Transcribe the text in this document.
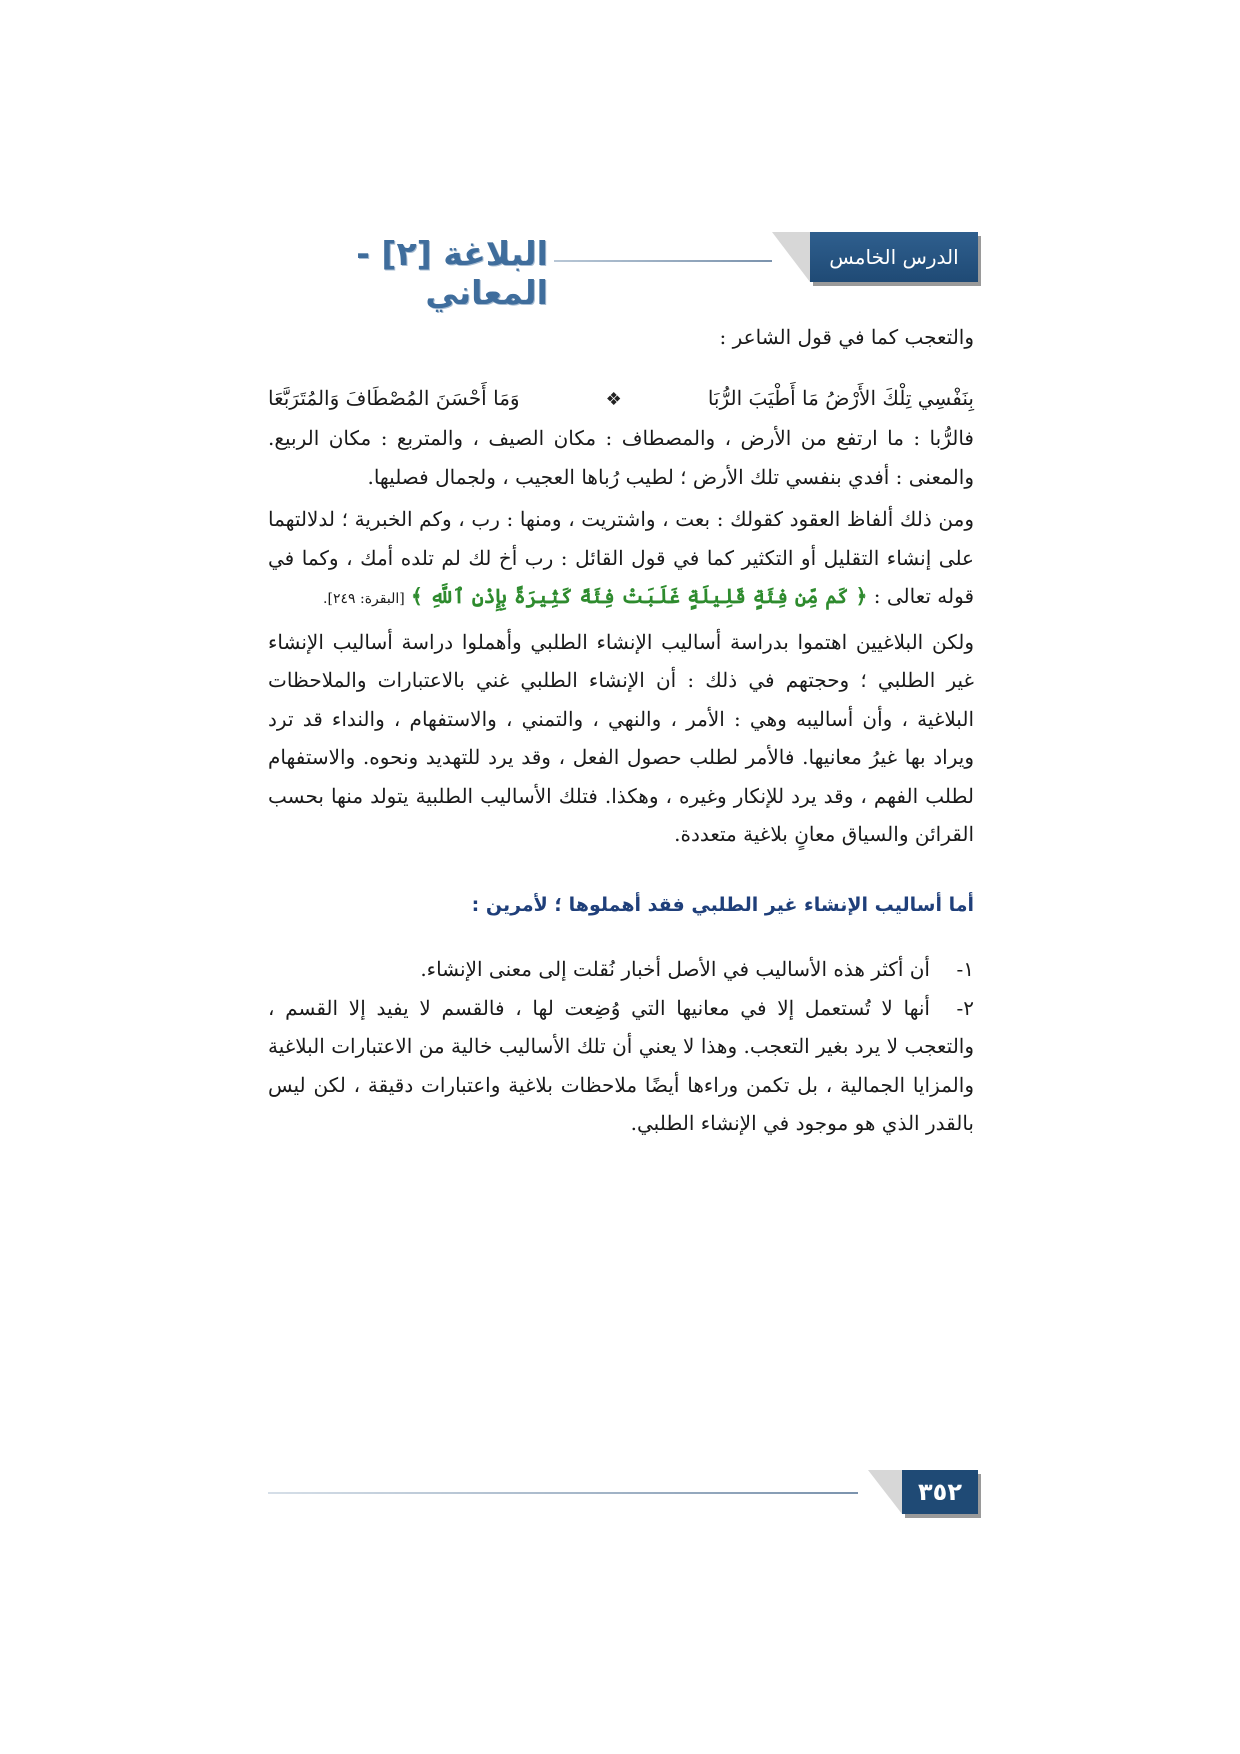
البلاغة [٢] - المعاني
الدرس الخامس عشر

والتعجب كما في قول الشاعر :

بِنَفْسِي تِلْكَ الأَرْضُ مَا أَطْيَبَ الرُّبَا
❖
وَمَا أَحْسَنَ المُصْطَافَ وَالمُتَرَبَّعَا

فالرُّبا : ما ارتفع من الأرض ، والمصطاف : مكان الصيف ، والمتربع : مكان الربيع. والمعنى : أفدي بنفسي تلك الأرض ؛ لطيب رُباها العجيب ، ولجمال فصليها.

ومن ذلك ألفاظ العقود كقولك : بعت ، واشتريت ، ومنها : رب ، وكم الخبرية ؛ لدلالتهما على إنشاء التقليل أو التكثير كما في قول القائل : رب أخ لك لم تلده أمك ، وكما في قوله تعالى : ﴿ كَم مِّن فِئَةٍ قَلِيلَةٍ غَلَبَتْ فِئَةً كَثِيرَةً بِإِذْنِ ٱللَّهِ ﴾ [البقرة: ٢٤٩].

ولكن البلاغيين اهتموا بدراسة أساليب الإنشاء الطلبي وأهملوا دراسة أساليب الإنشاء غير الطلبي ؛ وحجتهم في ذلك : أن الإنشاء الطلبي غني بالاعتبارات والملاحظات البلاغية ، وأن أساليبه وهي : الأمر ، والنهي ، والتمني ، والاستفهام ، والنداء قد ترد ويراد بها غيرُ معانيها. فالأمر لطلب حصول الفعل ، وقد يرد للتهديد ونحوه. والاستفهام لطلب الفهم ، وقد يرد للإنكار وغيره ، وهكذا. فتلك الأساليب الطلبية يتولد منها بحسب القرائن والسياق معانٍ بلاغية متعددة.

أما أساليب الإنشاء غير الطلبي فقد أهملوها ؛ لأمرين :

١-أن أكثر هذه الأساليب في الأصل أخبار نُقلت إلى معنى الإنشاء.

٢-أنها لا تُستعمل إلا في معانيها التي وُضِعت لها ، فالقسم لا يفيد إلا القسم ، والتعجب لا يرد بغير التعجب. وهذا لا يعني أن تلك الأساليب خالية من الاعتبارات البلاغية والمزايا الجمالية ، بل تكمن وراءها أيضًا ملاحظات بلاغية واعتبارات دقيقة ، لكن ليس بالقدر الذي هو موجود في الإنشاء الطلبي.

٣٥٢
